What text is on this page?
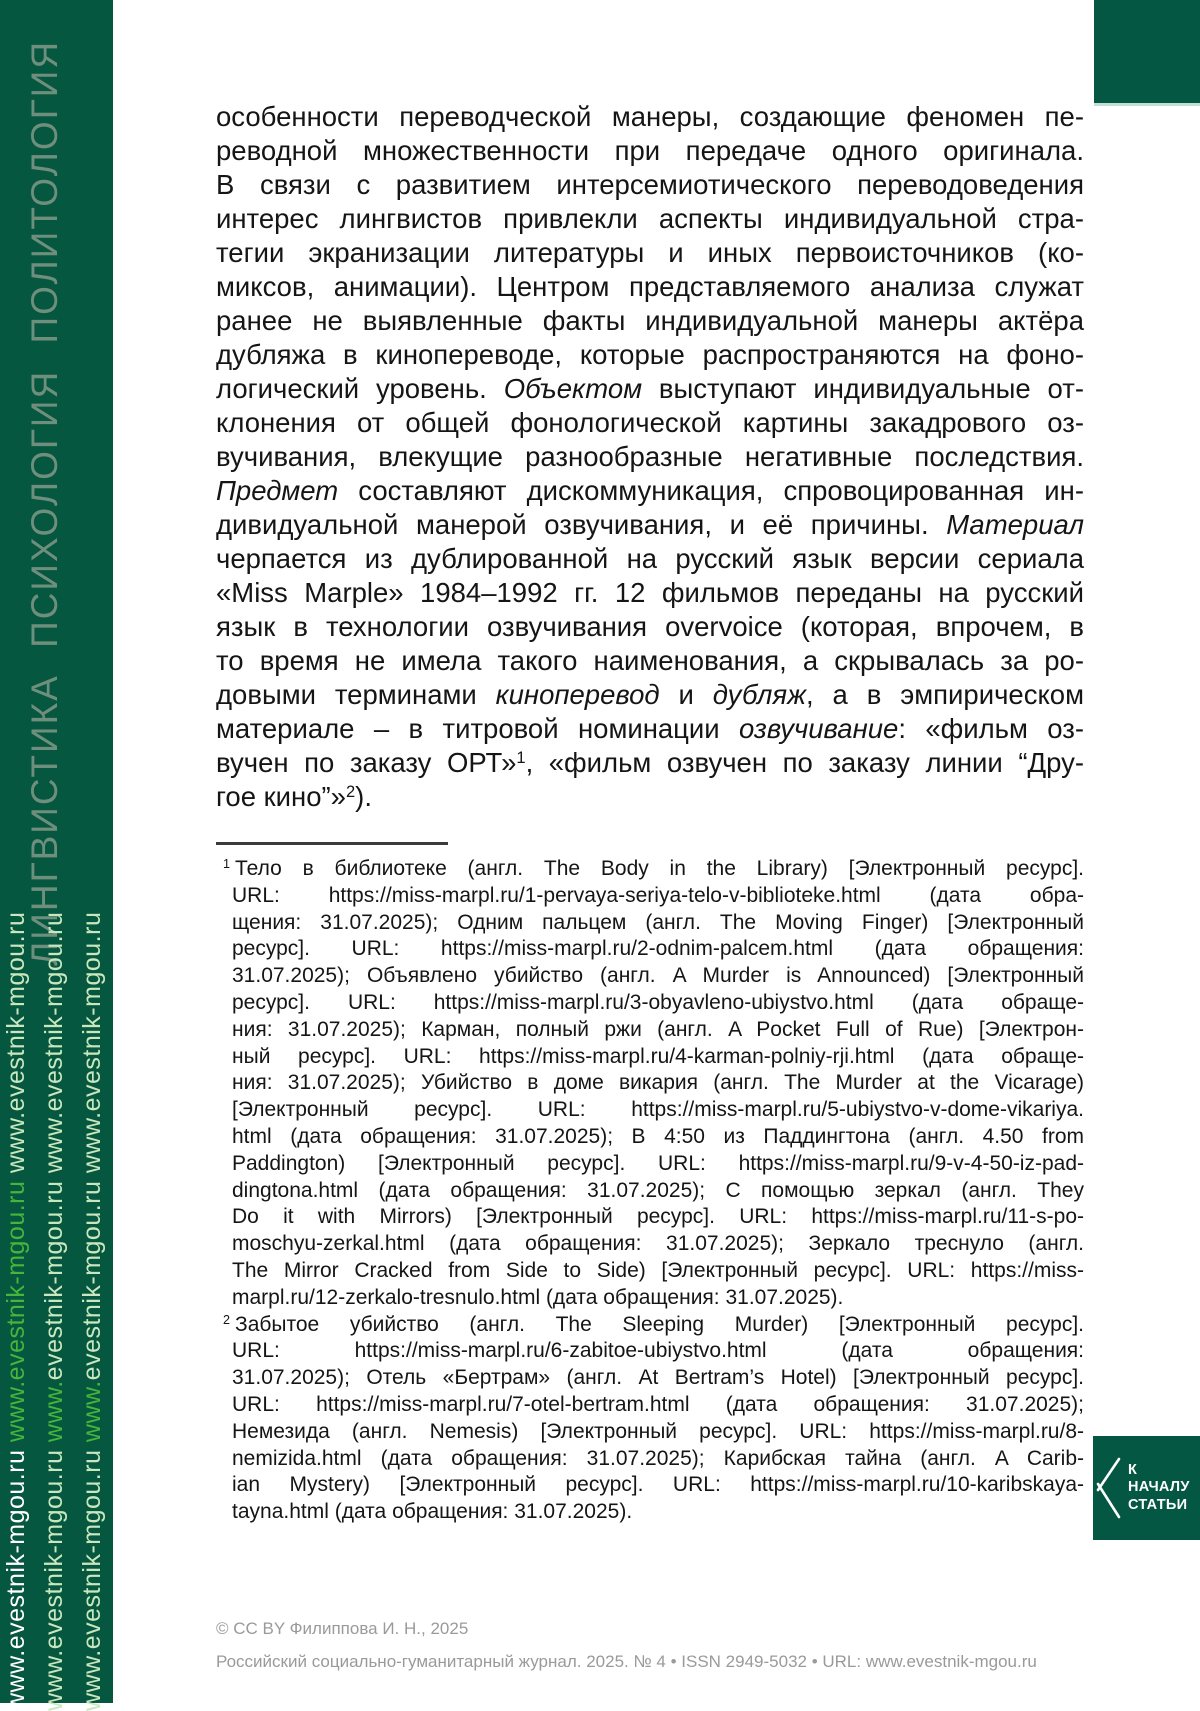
ЛИНГВИСТИКА ПСИХОЛОГИЯ ПОЛИТОЛОГИЯ
www.evestnik-mgou.ru www.evestnik-mgou.ru www.evestnik-mgou.ru
www.evestnik-mgou.ru www.evestnik-mgou.ru www.evestnik-mgou.ru
www.evestnik-mgou.ru www.evestnik-mgou.ru www.evestnik-mgou.ru
особенности переводческой манеры, создающие феномен пе-
реводной множественности при передаче одного оригинала.
В связи с развитием интерсемиотического переводоведения
интерес лингвистов привлекли аспекты индивидуальной стра-
тегии экранизации литературы и иных первоисточников (ко-
миксов, анимации). Центром представляемого анализа служат
ранее не выявленные факты индивидуальной манеры актёра
дубляжа в кинопереводе, которые распространяются на фоно-
логический уровень. Объектом выступают индивидуальные от-
клонения от общей фонологической картины закадрового оз-
вучивания, влекущие разнообразные негативные последствия.
Предмет составляют дискоммуникация, спровоцированная ин-
дивидуальной манерой озвучивания, и её причины. Материал
черпается из дублированной на русский язык версии сериала
«Miss Marple» 1984–1992 гг. 12 фильмов переданы на русский
язык в технологии озвучивания overvoice (которая, впрочем, в
то время не имела такого наименования, а скрывалась за ро-
довыми терминами киноперевод и дубляж, а в эмпирическом
материале – в титровой номинации озвучивание: «фильм оз-
вучен по заказу ОРТ»$^1$, «фильм озвучен по заказу линии “Дру-
гое кино”»$^2$).
$^1$ Тело в библиотеке (англ. The Body in the Library) [Электронный ресурс].
URL: https://miss-marpl.ru/1-pervaya-seriya-telo-v-biblioteke.html (дата обра-
щения: 31.07.2025); Одним пальцем (англ. The Moving Finger) [Электронный
ресурс]. URL: https://miss-marpl.ru/2-odnim-palcem.html (дата обращения:
31.07.2025); Объявлено убийство (англ. A Murder is Announced) [Электронный
ресурс]. URL: https://miss-marpl.ru/3-obyavleno-ubiystvo.html (дата обраще-
ния: 31.07.2025); Карман, полный ржи (англ. A Pocket Full of Rue) [Электрон-
ный ресурс]. URL: https://miss-marpl.ru/4-karman-polniy-rji.html (дата обраще-
ния: 31.07.2025); Убийство в доме викария (англ. The Murder at the Vicarage)
[Электронный ресурс]. URL: https://miss-marpl.ru/5-ubiystvo-v-dome-vikariya.
html (дата обращения: 31.07.2025); В 4:50 из Паддингтона (англ. 4.50 from
Paddington) [Электронный ресурс]. URL: https://miss-marpl.ru/9-v-4-50-iz-pad-
dingtona.html (дата обращения: 31.07.2025); С помощью зеркал (англ. They
Do it with Mirrors) [Электронный ресурс]. URL: https://miss-marpl.ru/11-s-po-
moschyu-zerkal.html (дата обращения: 31.07.2025); Зеркало треснуло (англ.
The Mirror Cracked from Side to Side) [Электронный ресурс]. URL: https://miss-
marpl.ru/12-zerkalo-tresnulo.html (дата обращения: 31.07.2025).
$^2$ Забытое убийство (англ. The Sleeping Murder) [Электронный ресурс].
URL: https://miss-marpl.ru/6-zabitoe-ubiystvo.html (дата обращения:
31.07.2025); Отель «Бертрам» (англ. At Bertram’s Hotel) [Электронный ресурс].
URL: https://miss-marpl.ru/7-otel-bertram.html (дата обращения: 31.07.2025);
Немезида (англ. Nemesis) [Электронный ресурс]. URL: https://miss-marpl.ru/8-
nemizida.html (дата обращения: 31.07.2025); Карибская тайна (англ. A Carib-
ian Mystery) [Электронный ресурс]. URL: https://miss-marpl.ru/10-karibskaya-
tayna.html (дата обращения: 31.07.2025).
© CC BY Филиппова И. Н., 2025
Российский социально-гуманитарный журнал. 2025. № 4 • ISSN 2949-5032 • URL: www.evestnik-mgou.ru
К НАЧАЛУ
СТАТЬИ
